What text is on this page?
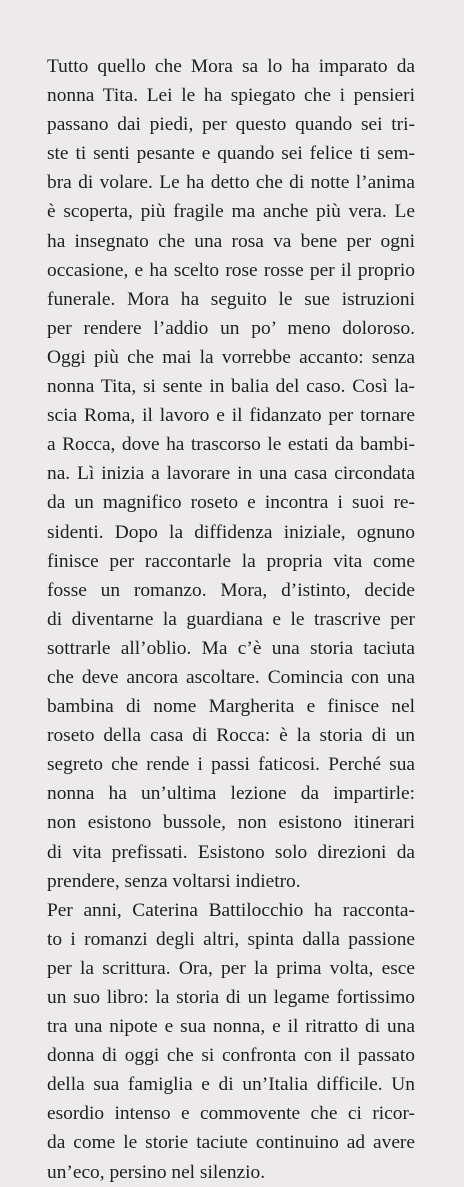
Tutto quello che Mora sa lo ha imparato da
nonna Tita. Lei le ha spiegato che i pensieri
passano dai piedi, per questo quando sei tri-
ste ti senti pesante e quando sei felice ti sem-
bra di volare. Le ha detto che di notte l’anima
è scoperta, più fragile ma anche più vera. Le
ha insegnato che una rosa va bene per ogni
occasione, e ha scelto rose rosse per il proprio
funerale. Mora ha seguito le sue istruzioni
per rendere l’addio un po’ meno doloroso.
Oggi più che mai la vorrebbe accanto: senza
nonna Tita, si sente in balia del caso. Così la-
scia Roma, il lavoro e il fidanzato per tornare
a Rocca, dove ha trascorso le estati da bambi-
na. Lì inizia a lavorare in una casa circondata
da un magnifico roseto e incontra i suoi re-
sidenti. Dopo la diffidenza iniziale, ognuno
finisce per raccontarle la propria vita come
fosse un romanzo. Mora, d’istinto, decide
di diventarne la guardiana e le trascrive per
sottrarle all’oblio. Ma c’è una storia taciuta
che deve ancora ascoltare. Comincia con una
bambina di nome Margherita e finisce nel
roseto della casa di Rocca: è la storia di un
segreto che rende i passi faticosi. Perché sua
nonna ha un’ultima lezione da impartirle:
non esistono bussole, non esistono itinerari
di vita prefissati. Esistono solo direzioni da
prendere, senza voltarsi indietro.

Per anni, Caterina Battilocchio ha racconta-
to i romanzi degli altri, spinta dalla passione
per la scrittura. Ora, per la prima volta, esce
un suo libro: la storia di un legame fortissimo
tra una nipote e sua nonna, e il ritratto di una
donna di oggi che si confronta con il passato
della sua famiglia e di un’Italia difficile. Un
esordio intenso e commovente che ci ricor-
da come le storie taciute continuino ad avere
un’eco, persino nel silenzio.
